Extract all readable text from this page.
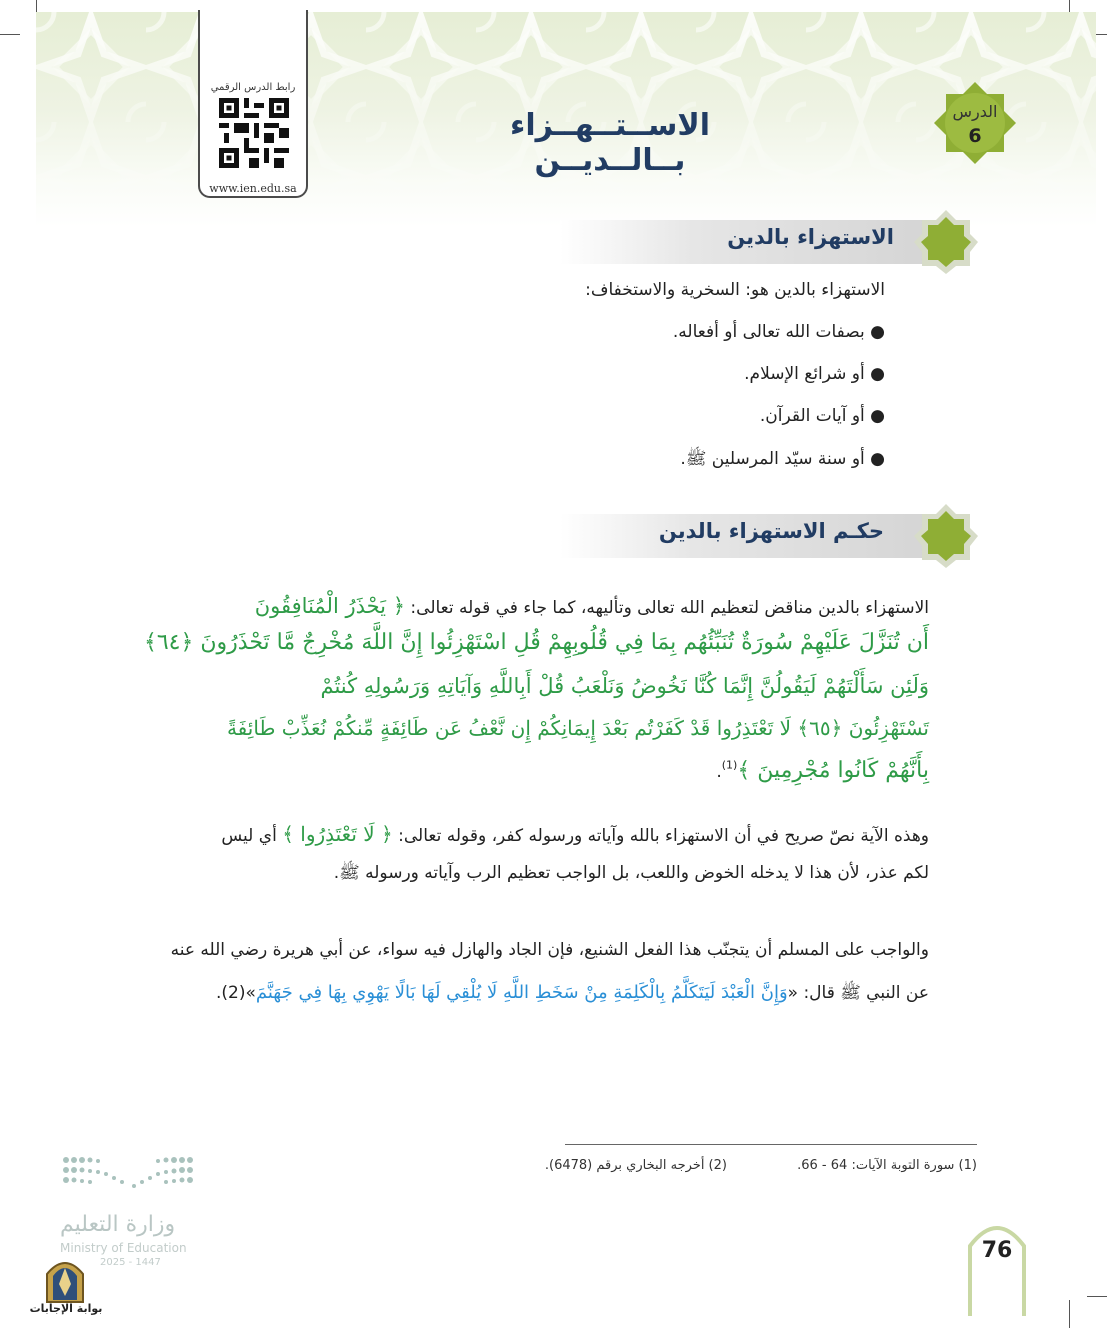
الدرس
6
الاســتــهــزاء بــالــديــن
رابط الدرس الرقمي
www.ien.edu.sa
الاستهزاء بالدين
الاستهزاء بالدين هو: السخرية والاستخفاف:
● بصفات الله تعالى أو أفعاله.
● أو شرائع الإسلام.
● أو آيات القرآن.
● أو سنة سيّد المرسلين ﷺ.
حكـم الاستهزاء بالدين
الاستهزاء بالدين مناقض لتعظيم الله تعالى وتأليهه، كما جاء في قوله تعالى: ﴿ يَحْذَرُ الْمُنَافِقُونَ
أَن تُنَزَّلَ عَلَيْهِمْ سُورَةٌ تُنَبِّئُهُم بِمَا فِي قُلُوبِهِمْ قُلِ اسْتَهْزِئُوا إِنَّ اللَّهَ مُخْرِجٌ مَّا تَحْذَرُونَ ﴿٦٤﴾
وَلَئِن سَأَلْتَهُمْ لَيَقُولُنَّ إِنَّمَا كُنَّا نَخُوضُ وَنَلْعَبُ قُلْ أَبِاللَّهِ وَآيَاتِهِ وَرَسُولِهِ كُنتُمْ
تَسْتَهْزِئُونَ ﴿٦٥﴾ لَا تَعْتَذِرُوا قَدْ كَفَرْتُم بَعْدَ إِيمَانِكُمْ إِن نَّعْفُ عَن طَائِفَةٍ مِّنكُمْ نُعَذِّبْ طَائِفَةً
بِأَنَّهُمْ كَانُوا مُجْرِمِينَ ﴾$^{(1)}$.
وهذه الآية نصّ صريح في أن الاستهزاء بالله وآياته ورسوله كفر، وقوله تعالى: ﴿ لَا تَعْتَذِرُوا ﴾ أي ليس
لكم عذر، لأن هذا لا يدخله الخوض واللعب، بل الواجب تعظيم الرب وآياته ورسوله ﷺ.
والواجب على المسلم أن يتجنّب هذا الفعل الشنيع، فإن الجاد والهازل فيه سواء، عن أبي هريرة رضي الله عنه
عن النبي ﷺ قال: «وَإِنَّ الْعَبْدَ لَيَتَكَلَّمُ بِالْكَلِمَةِ مِنْ سَخَطِ اللَّهِ لَا يُلْقِي لَهَا بَالًا يَهْوِي بِهَا فِي جَهَنَّمَ»(2).
(1) سورة التوبة الآيات: 64 - 66.
(2) أخرجه البخاري برقم (6478).
76
وزارة التعليم
Ministry of Education
2025 - 1447
بوابة الإجابات
